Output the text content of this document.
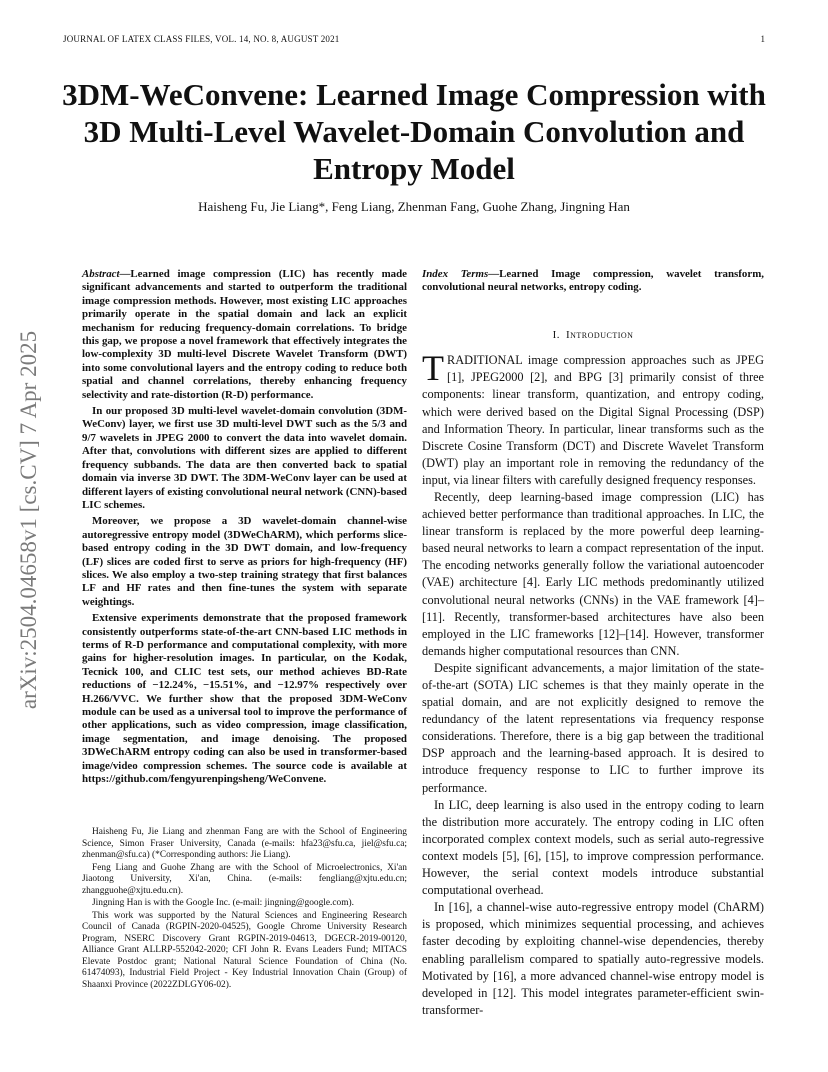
JOURNAL OF LATEX CLASS FILES, VOL. 14, NO. 8, AUGUST 2021	1
arXiv:2504.04658v1 [cs.CV] 7 Apr 2025
3DM-WeConvene: Learned Image Compression with 3D Multi-Level Wavelet-Domain Convolution and Entropy Model
Haisheng Fu, Jie Liang*, Feng Liang, Zhenman Fang, Guohe Zhang, Jingning Han

Abstract—Learned image compression (LIC) has recently made significant advancements and started to outperform the traditional image compression methods. However, most existing LIC approaches primarily operate in the spatial domain and lack an explicit mechanism for reducing frequency-domain correlations. To bridge this gap, we propose a novel framework that effectively integrates the low-complexity 3D multi-level Discrete Wavelet Transform (DWT) into some convolutional layers and the entropy coding to reduce both spatial and channel correlations, thereby enhancing frequency selectivity and rate-distortion (R-D) performance.

In our proposed 3D multi-level wavelet-domain convolution (3DM-WeConv) layer, we first use 3D multi-level DWT such as the 5/3 and 9/7 wavelets in JPEG 2000 to convert the data into wavelet domain. After that, convolutions with different sizes are applied to different frequency subbands. The data are then converted back to spatial domain via inverse 3D DWT. The 3DM-WeConv layer can be used at different layers of existing convolutional neural network (CNN)-based LIC schemes.

Moreover, we propose a 3D wavelet-domain channel-wise autoregressive entropy model (3DWeChARM), which performs slice-based entropy coding in the 3D DWT domain, and low-frequency (LF) slices are coded first to serve as priors for high-frequency (HF) slices. We also employ a two-step training strategy that first balances LF and HF rates and then fine-tunes the system with separate weightings.

Extensive experiments demonstrate that the proposed framework consistently outperforms state-of-the-art CNN-based LIC methods in terms of R-D performance and computational complexity, with more gains for higher-resolution images. In particular, on the Kodak, Tecnick 100, and CLIC test sets, our method achieves BD-Rate reductions of −12.24%, −15.51%, and −12.97% respectively over H.266/VVC. We further show that the proposed 3DM-WeConv module can be used as a universal tool to improve the performance of other applications, such as video compression, image classification, image segmentation, and image denoising. The proposed 3DWeChARM entropy coding can also be used in transformer-based image/video compression schemes. The source code is available at https://github.com/fengyurenpingsheng/WeConvene.

Haisheng Fu, Jie Liang and zhenman Fang are with the School of Engineering Science, Simon Fraser University, Canada (e-mails: hfa23@sfu.ca, jiel@sfu.ca; zhenman@sfu.ca) (*Corresponding authors: Jie Liang).

Feng Liang and Guohe Zhang are with the School of Microelectronics, Xi'an Jiaotong University, Xi'an, China. (e-mails: fengliang@xjtu.edu.cn; zhangguohe@xjtu.edu.cn).

Jingning Han is with the Google Inc. (e-mail: jingning@google.com).

This work was supported by the Natural Sciences and Engineering Research Council of Canada (RGPIN-2020-04525), Google Chrome University Research Program, NSERC Discovery Grant RGPIN-2019-04613, DGECR-2019-00120, Alliance Grant ALLRP-552042-2020; CFI John R. Evans Leaders Fund; MITACS Elevate Postdoc grant; National Natural Science Foundation of China (No. 61474093), Industrial Field Project - Key Industrial Innovation Chain (Group) of Shaanxi Province (2022ZDLGY06-02).

Index Terms—Learned Image compression, wavelet transform, convolutional neural networks, entropy coding.

I. Introduction

TRADITIONAL image compression approaches such as JPEG [1], JPEG2000 [2], and BPG [3] primarily consist of three components: linear transform, quantization, and entropy coding, which were derived based on the Digital Signal Processing (DSP) and Information Theory. In particular, linear transforms such as the Discrete Cosine Transform (DCT) and Discrete Wavelet Transform (DWT) play an important role in removing the redundancy of the input, via linear filters with carefully designed frequency responses.

Recently, deep learning-based image compression (LIC) has achieved better performance than traditional approaches. In LIC, the linear transform is replaced by the more powerful deep learning-based neural networks to learn a compact representation of the input. The encoding networks generally follow the variational autoencoder (VAE) architecture [4]. Early LIC methods predominantly utilized convolutional neural networks (CNNs) in the VAE framework [4]–[11]. Recently, transformer-based architectures have also been employed in the LIC frameworks [12]–[14]. However, transformer demands higher computational resources than CNN.

Despite significant advancements, a major limitation of the state-of-the-art (SOTA) LIC schemes is that they mainly operate in the spatial domain, and are not explicitly designed to remove the redundancy of the latent representations via frequency response considerations. Therefore, there is a big gap between the traditional DSP approach and the learning-based approach. It is desired to introduce frequency response to LIC to further improve its performance.

In LIC, deep learning is also used in the entropy coding to learn the distribution more accurately. The entropy coding in LIC often incorporated complex context models, such as serial auto-regressive context models [5], [6], [15], to improve compression performance. However, the serial context models introduce substantial computational overhead.

In [16], a channel-wise auto-regressive entropy model (ChARM) is proposed, which minimizes sequential processing, and achieves faster decoding by exploiting channel-wise dependencies, thereby enabling parallelism compared to spatially auto-regressive models. Motivated by [16], a more advanced channel-wise entropy model is developed in [12]. This model integrates parameter-efficient swin-transformer-
